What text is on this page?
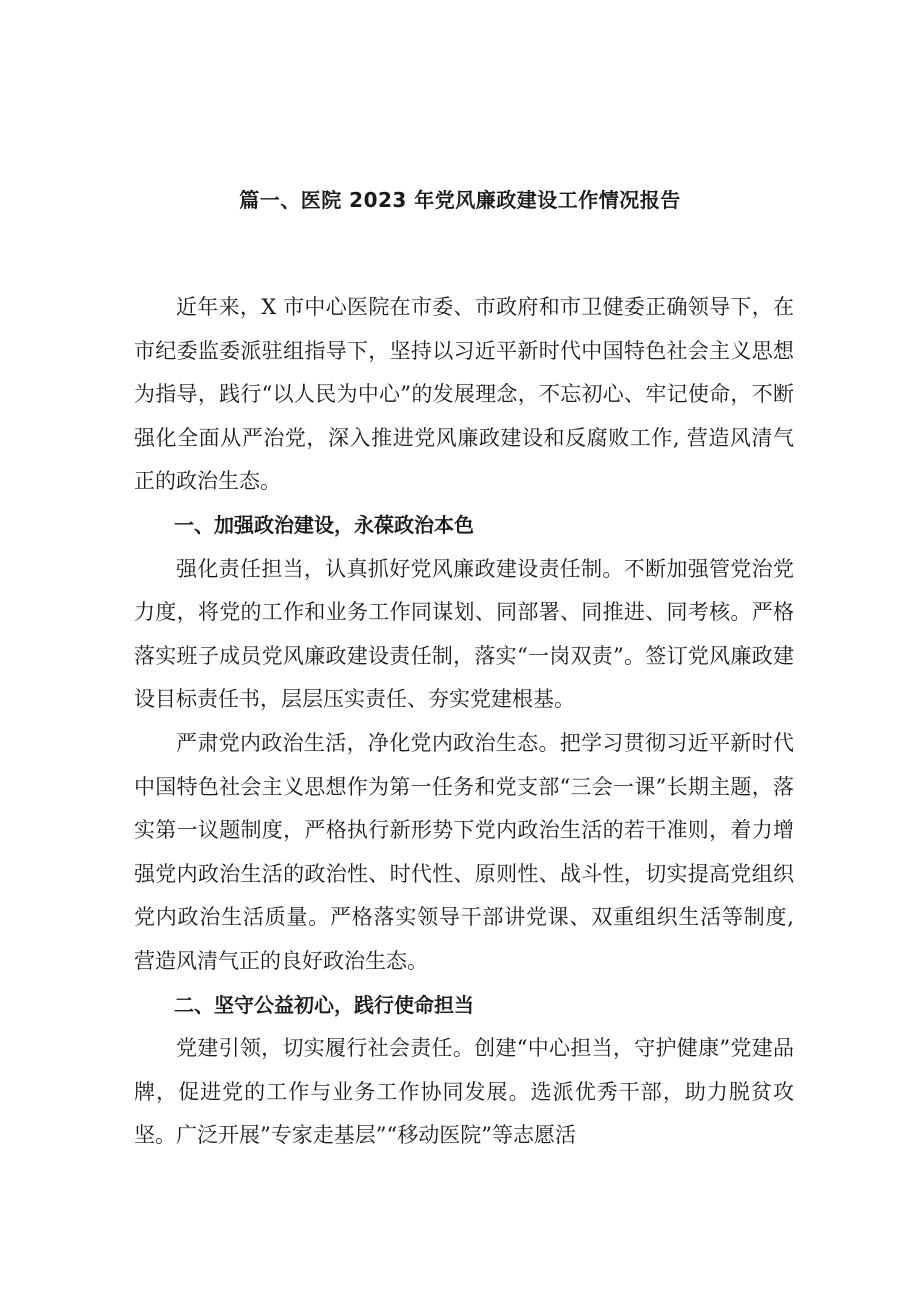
篇一、医院 2023 年党风廉政建设工作情况报告

近年来，X 市中心医院在市委、市政府和市卫健委正确领导下，在市纪委监委派驻组指导下，坚持以习近平新时代中国特色社会主义思想为指导，践行“以人民为中心”的发展理念，不忘初心、牢记使命，不断强化全面从严治党，深入推进党风廉政建设和反腐败工作, 营造风清气正的政治生态。

一、加强政治建设，永葆政治本色

强化责任担当，认真抓好党风廉政建设责任制。不断加强管党治党力度，将党的工作和业务工作同谋划、同部署、同推进、同考核。严格落实班子成员党风廉政建设责任制，落实“一岗双责”。签订党风廉政建设目标责任书，层层压实责任、夯实党建根基。

严肃党内政治生活，净化党内政治生态。把学习贯彻习近平新时代中国特色社会主义思想作为第一任务和党支部“三会一课”长期主题，落实第一议题制度，严格执行新形势下党内政治生活的若干准则，着力增强党内政治生活的政治性、时代性、原则性、战斗性，切实提高党组织党内政治生活质量。严格落实领导干部讲党课、双重组织生活等制度, 营造风清气正的良好政治生态。

二、坚守公益初心，践行使命担当

党建引领，切实履行社会责任。创建“中心担当，守护健康”党建品牌，促进党的工作与业务工作协同发展。选派优秀干部，助力脱贫攻坚。广泛开展”专家走基层”“移动医院”等志愿活
